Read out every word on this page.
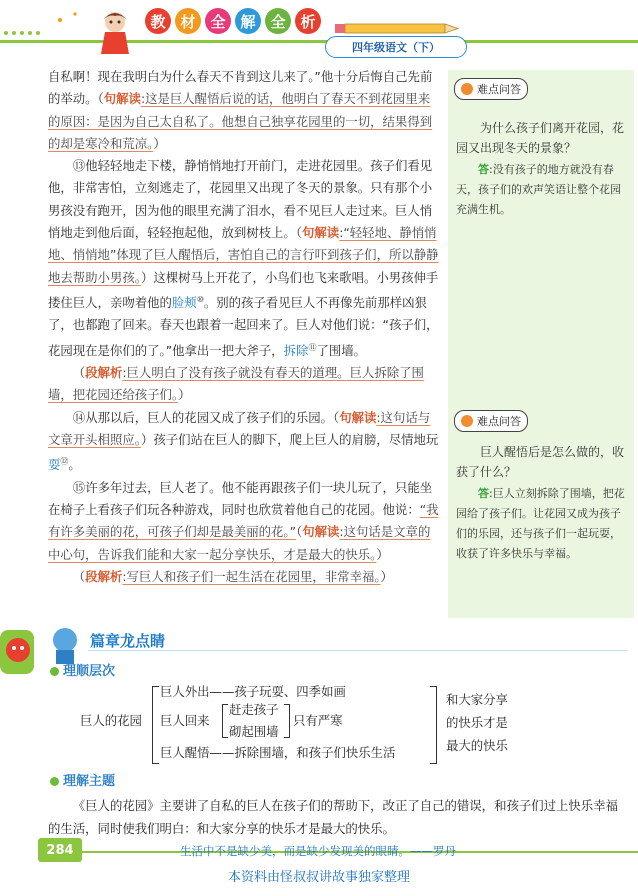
教 材 全 解 全 析
四年级语文（下）

自私啊！现在我明白为什么春天不肯到这儿来了。”他十分后悔自己先前的举动。（句解读:这是巨人醒悟后说的话，他明白了春天不到花园里来的原因：是因为自己太自私了。他想自己独享花园里的一切，结果得到的却是寒冷和荒凉。）

⑬他轻轻地走下楼，静悄悄地打开前门，走进花园里。孩子们看见他，非常害怕，立刻逃走了，花园里又出现了冬天的景象。只有那个小男孩没有跑开，因为他的眼里充满了泪水，看不见巨人走过来。巨人悄悄地走到他后面，轻轻抱起他，放到树枝上。（句解读:“轻轻地、静悄悄地、悄悄地”体现了巨人醒悟后，害怕自己的言行吓到孩子们，所以静静地去帮助小男孩。）这棵树马上开花了，小鸟们也飞来歌唱。小男孩伸手搂住巨人，亲吻着他的脸颊⑩。别的孩子看见巨人不再像先前那样凶狠了，也都跑了回来。春天也跟着一起回来了。巨人对他们说：“孩子们，花园现在是你们的了。”他拿出一把大斧子，拆除⑪了围墙。

（段解析:巨人明白了没有孩子就没有春天的道理。巨人拆除了围墙，把花园还给孩子们。）

⑭从那以后，巨人的花园又成了孩子们的乐园。（句解读:这句话与文章开头相照应。）孩子们站在巨人的脚下，爬上巨人的肩膀，尽情地玩耍⑫。

⑮许多年过去，巨人老了。他不能再跟孩子们一块儿玩了，只能坐在椅子上看孩子们玩各种游戏，同时也欣赏着他自己的花园。他说：“我有许多美丽的花，可孩子们却是最美丽的花。”（句解读:这句话是文章的中心句，告诉我们能和大家一起分享快乐，才是最大的快乐。）

（段解析:写巨人和孩子们一起生活在花园里，非常幸福。）

难点问答
为什么孩子们离开花园，花园又出现冬天的景象？
答:没有孩子的地方就没有春天，孩子们的欢声笑语让整个花园充满生机。
难点问答
巨人醒悟后是怎么做的，收获了什么？
答:巨人立刻拆除了围墙，把花园给了孩子们。让花园又成为孩子们的乐园，还与孩子们一起玩耍，收获了许多快乐与幸福。
篇章龙点睛
理顺层次
巨人的花园
巨人外出——孩子玩耍、四季如画
巨人回来
赶走孩子
砌起围墙
只有严寒
巨人醒悟——拆除围墙，和孩子们快乐生活
和大家分享
的快乐才是
最大的快乐
理解主题
《巨人的花园》主要讲了自私的巨人在孩子们的帮助下，改正了自己的错误，和孩子们过上快乐幸福的生活，同时使我们明白：和大家分享的快乐才是最大的快乐。
284	生活中不是缺少美，而是缺少发现美的眼睛。——罗丹
本资料由怪叔叔讲故事独家整理
